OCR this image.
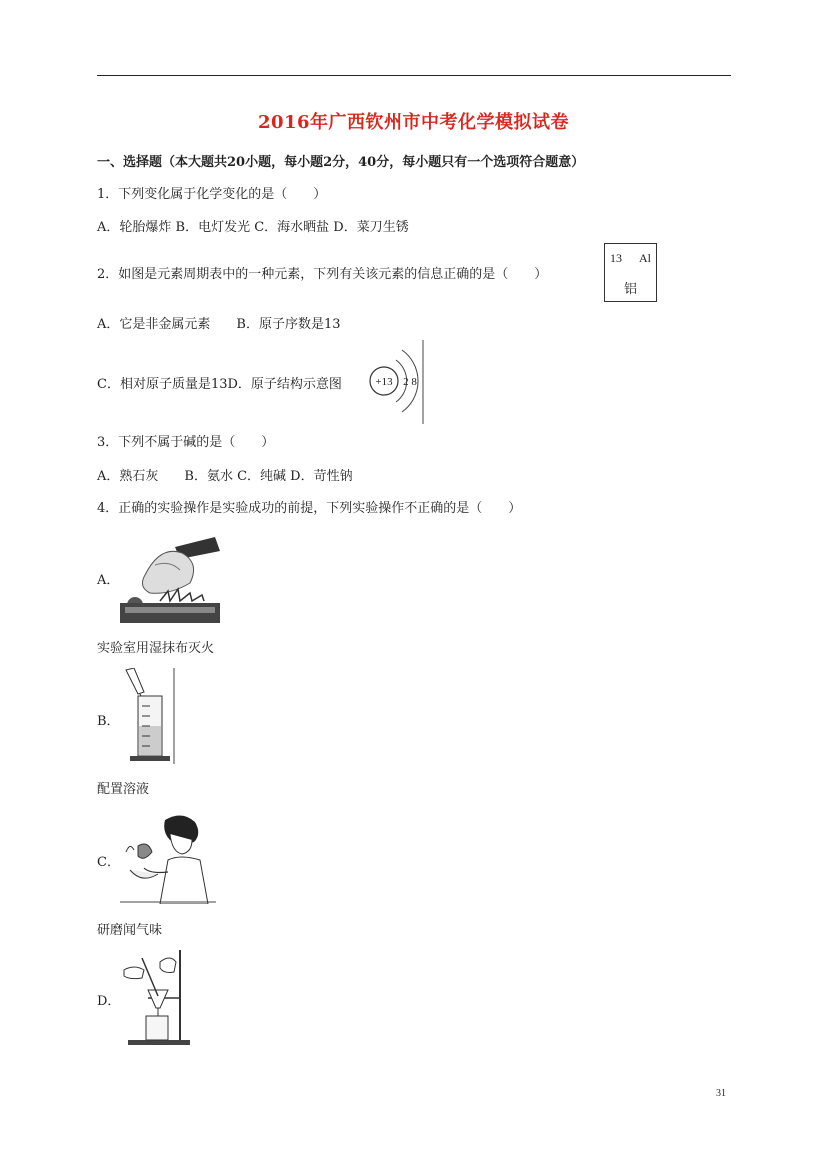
2016年广西钦州市中考化学模拟试卷
一、选择题（本大题共20小题，每小题2分，40分，每小题只有一个选项符合题意）
1．下列变化属于化学变化的是（　　）
A．轮胎爆炸 B．电灯发光 C．海水晒盐 D．菜刀生锈
2．如图是元素周期表中的一种元素，下列有关该元素的信息正确的是（　　）
13 Al
铝
A．它是非金属元素　　B．原子序数是13
C．相对原子质量是13D．原子结构示意图	+13 2 8
3．下列不属于碱的是（　　）
A．熟石灰　　B．氨水 C．纯碱 D．苛性钠
4．正确的实验操作是实验成功的前提，下列实验操作不正确的是（　　）
A．
实验室用湿抹布灭火
B．
配置溶液
C．
研磨闻气味
D．
31
